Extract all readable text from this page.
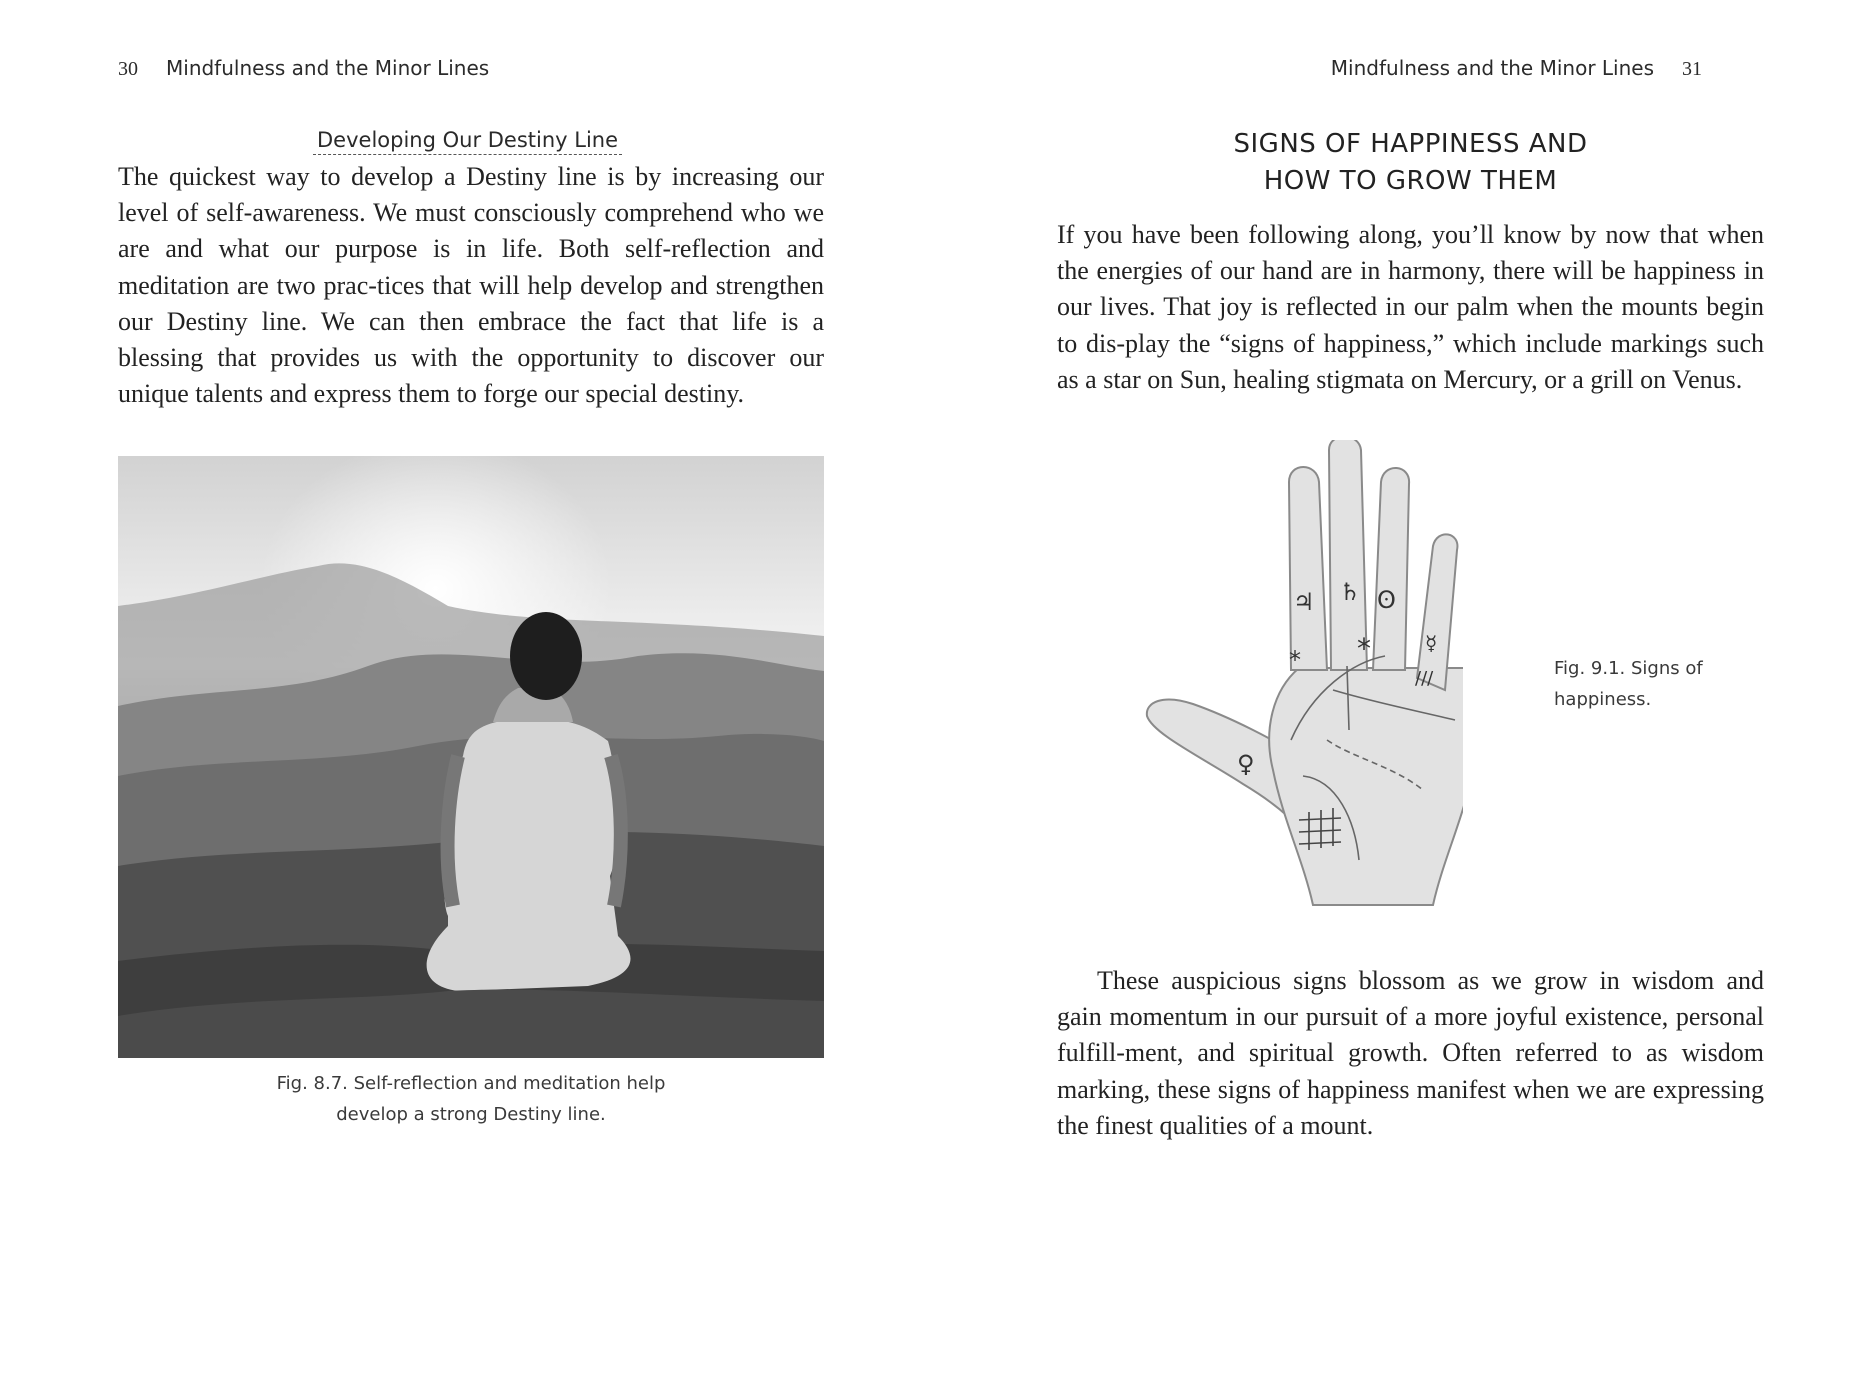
30 Mindfulness and the Minor Lines
Developing Our Destiny Line
The quickest way to develop a Destiny line is by increasing our level of self-awareness. We must consciously comprehend who we are and what our purpose is in life. Both self-reflection and meditation are two prac-tices that will help develop and strengthen our Destiny line. We can then embrace the fact that life is a blessing that provides us with the opportunity to discover our unique talents and express them to forge our special destiny.
Fig. 8.7. Self-reflection and meditation help
develop a strong Destiny line.
Mindfulness and the Minor Lines 31
SIGNS OF HAPPINESS AND
HOW TO GROW THEM
If you have been following along, you’ll know by now that when the energies of our hand are in harmony, there will be happiness in our lives. That joy is reflected in our palm when the mounts begin to dis-play the “signs of happiness,” which include markings such as a star on Sun, healing stigmata on Mercury, or a grill on Venus.
*
*
///
♃ ♄ ʘ
☿
♀
Fig. 9.1. Signs of
happiness.
These auspicious signs blossom as we grow in wisdom and gain momentum in our pursuit of a more joyful existence, personal fulfill-ment, and spiritual growth. Often referred to as wisdom marking, these signs of happiness manifest when we are expressing the finest qualities of a mount.
